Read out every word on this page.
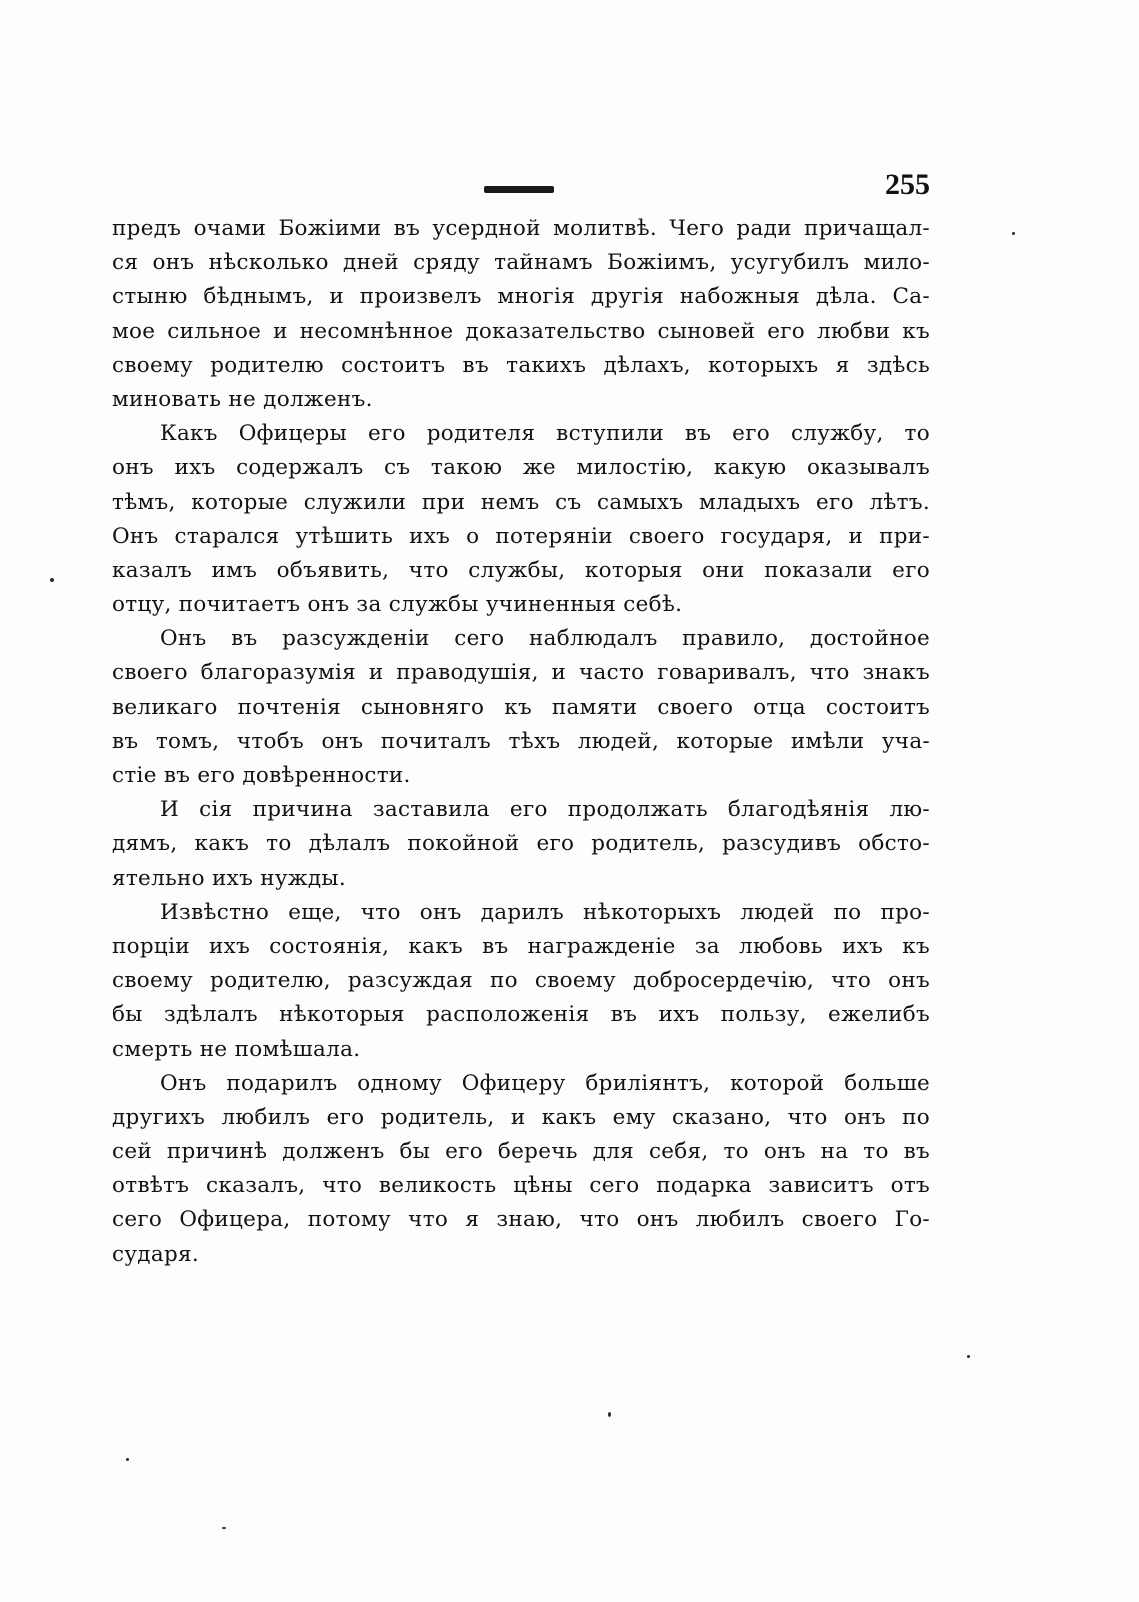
255
предъ очами Божiими въ усердной молитвѣ. Чего ради причащал-
ся онъ нѣсколько дней сряду тайнамъ Божiимъ, усугубилъ мило-
стыню бѣднымъ, и произвелъ многiя другiя набожныя дѣла. Са-
мое сильное и несомнѣнное доказательство сыновей его любви къ
своему родителю состоитъ въ такихъ дѣлахъ, которыхъ я здѣсь
миновать не долженъ.
Какъ Офицеры его родителя вступили въ его службу, то
онъ ихъ содержалъ съ такою же милостiю, какую оказывалъ
тѣмъ, которые служили при немъ съ самыхъ младыхъ его лѣтъ.
Онъ старался утѣшить ихъ о потерянiи своего государя, и при-
казалъ имъ объявить, что службы, которыя они показали его
отцу, почитаетъ онъ за службы учиненныя себѣ.
Онъ въ разсужденiи сего наблюдалъ правило, достойное
своего благоразумiя и праводушiя, и часто говаривалъ, что знакъ
великаго почтенiя сыновняго къ памяти своего отца состоитъ
въ томъ, чтобъ онъ почиталъ тѣхъ людей, которые имѣли уча-
стiе въ его довѣренности.
И сiя причина заставила его продолжать благодѣянiя лю-
дямъ, какъ то дѣлалъ покойной его родитель, разсудивъ обсто-
ятельно ихъ нужды.
Извѣстно еще, что онъ дарилъ нѣкоторыхъ людей по про-
порцiи ихъ состоянiя, какъ въ награжденiе за любовь ихъ къ
своему родителю, разсуждая по своему добросердечiю, что онъ
бы здѣлалъ нѣкоторыя расположенiя въ ихъ пользу, ежелибъ
смерть не помѣшала.
Онъ подарилъ одному Офицеру брилiянтъ, которой больше
другихъ любилъ его родитель, и какъ ему сказано, что онъ по
сей причинѣ долженъ бы его беречь для себя, то онъ на то въ
отвѣтъ сказалъ, что великость цѣны сего подарка зависитъ отъ
сего Офицера, потому что я знаю, что онъ любилъ своего Го-
сударя.
